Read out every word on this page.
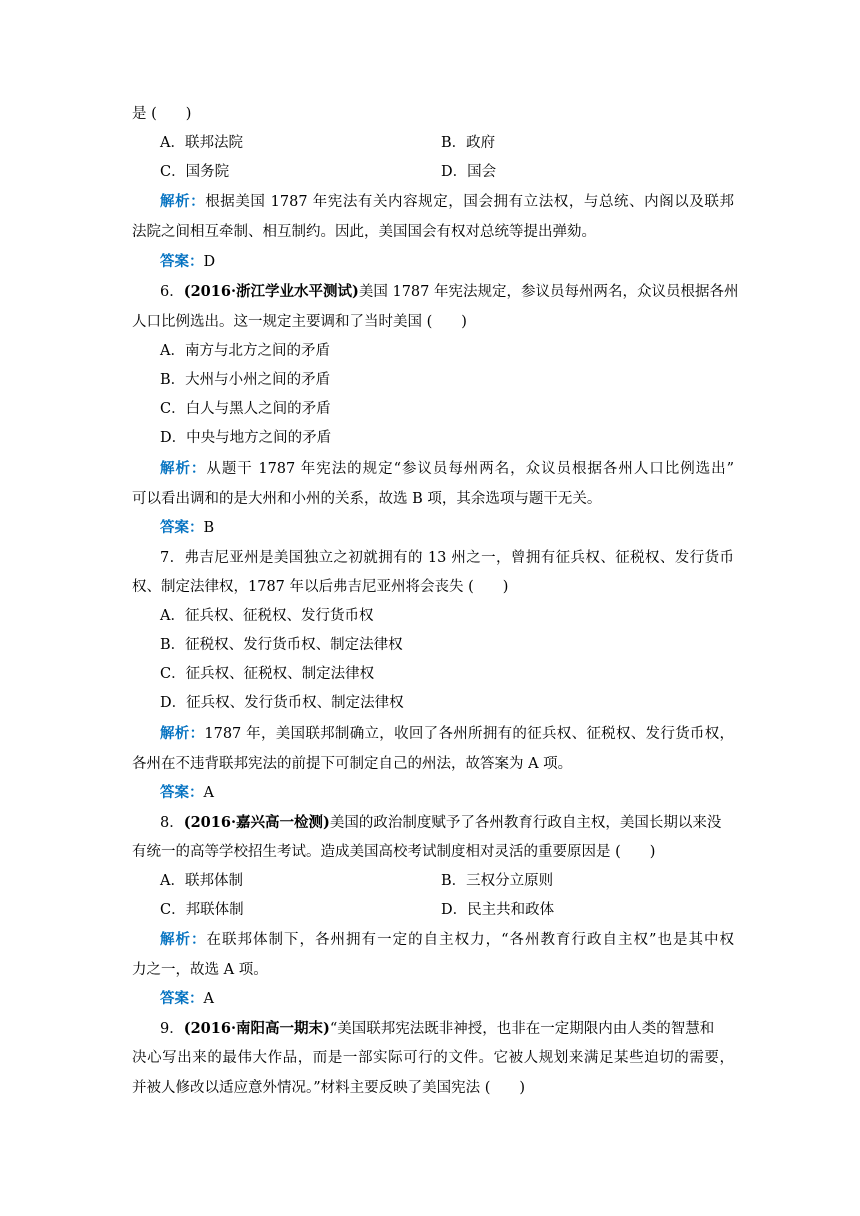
是 (　　)
A．联邦法院	B．政府
C．国务院	D．国会
解析：根据美国 1787 年宪法有关内容规定，国会拥有立法权，与总统、内阁以及联邦
法院之间相互牵制、相互制约。因此，美国国会有权对总统等提出弹劾。
答案：D
6．(2016·浙江学业水平测试)美国 1787 年宪法规定，参议员每州两名，众议员根据各州
人口比例选出。这一规定主要调和了当时美国 (　　)
A．南方与北方之间的矛盾
B．大州与小州之间的矛盾
C．白人与黑人之间的矛盾
D．中央与地方之间的矛盾
解析：从题干 1787 年宪法的规定“参议员每州两名，众议员根据各州人口比例选出”
可以看出调和的是大州和小州的关系，故选 B 项，其余选项与题干无关。
答案：B
7．弗吉尼亚州是美国独立之初就拥有的 13 州之一，曾拥有征兵权、征税权、发行货币
权、制定法律权，1787 年以后弗吉尼亚州将会丧失 (　　)
A．征兵权、征税权、发行货币权
B．征税权、发行货币权、制定法律权
C．征兵权、征税权、制定法律权
D．征兵权、发行货币权、制定法律权
解析：1787 年，美国联邦制确立，收回了各州所拥有的征兵权、征税权、发行货币权，
各州在不违背联邦宪法的前提下可制定自己的州法，故答案为 A 项。
答案：A
8．(2016·嘉兴高一检测)美国的政治制度赋予了各州教育行政自主权，美国长期以来没
有统一的高等学校招生考试。造成美国高校考试制度相对灵活的重要原因是 (　　)
A．联邦体制	B．三权分立原则
C．邦联体制	D．民主共和政体
解析：在联邦体制下，各州拥有一定的自主权力，“各州教育行政自主权”也是其中权
力之一，故选 A 项。
答案：A
9．(2016·南阳高一期末)“美国联邦宪法既非神授，也非在一定期限内由人类的智慧和
决心写出来的最伟大作品，而是一部实际可行的文件。它被人规划来满足某些迫切的需要，
并被人修改以适应意外情况。”材料主要反映了美国宪法 (　　)
